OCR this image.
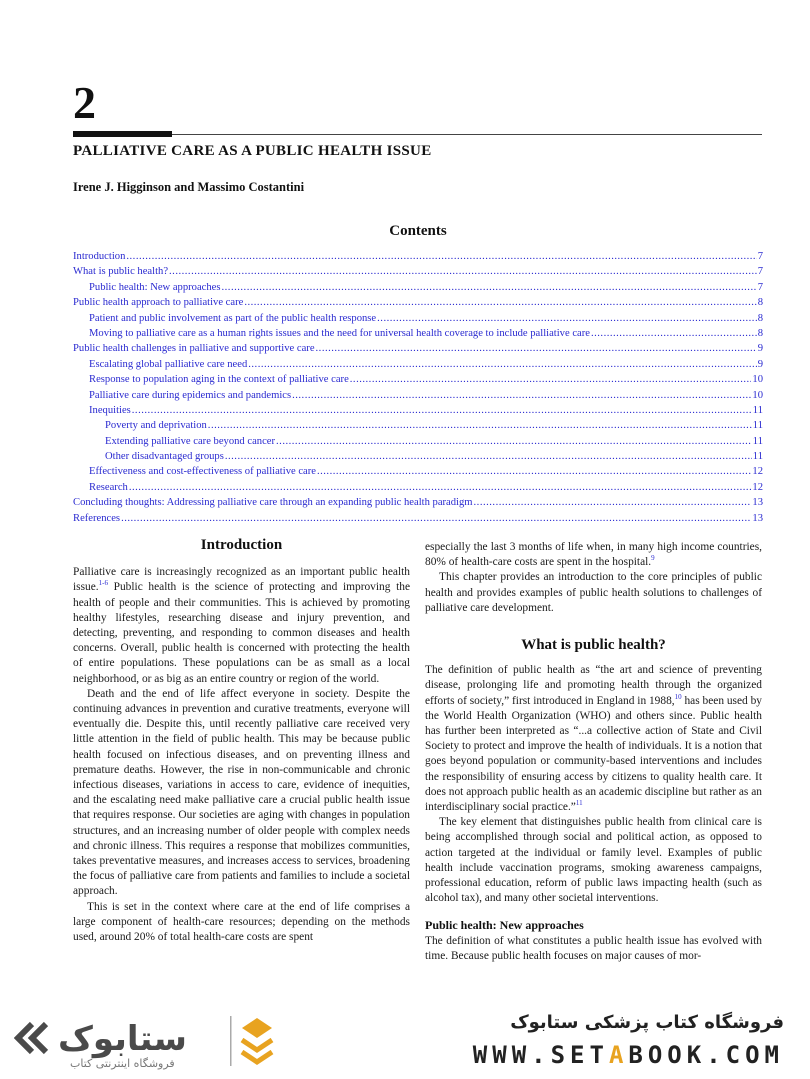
2
PALLIATIVE CARE AS A PUBLIC HEALTH ISSUE
Irene J. Higginson and Massimo Costantini
Contents
Introduction .....	7
What is public health? .....	7
Public health: New approaches .....	7
Public health approach to palliative care .....	8
Patient and public involvement as part of the public health response .....	8
Moving to palliative care as a human rights issues and the need for universal health coverage to include palliative care .....	8
Public health challenges in palliative and supportive care .....	9
Escalating global palliative care need .....	9
Response to population aging in the context of palliative care .....	10
Palliative care during epidemics and pandemics .....	10
Inequities .....	11
Poverty and deprivation .....	11
Extending palliative care beyond cancer .....	11
Other disadvantaged groups .....	11
Effectiveness and cost-effectiveness of palliative care .....	12
Research .....	12
Concluding thoughts: Addressing palliative care through an expanding public health paradigm .....	13
References .....	13
Introduction

Palliative care is increasingly recognized as an important public health issue.$^{1-6}$ Public health is the science of protecting and improving the health of people and their communities. This is achieved by promoting healthy lifestyles, researching disease and injury prevention, and detecting, preventing, and responding to common diseases and health concerns. Overall, public health is concerned with protecting the health of entire populations. These populations can be as small as a local neighborhood, or as big as an entire country or region of the world.

Death and the end of life affect everyone in society. Despite the continuing advances in prevention and curative treatments, everyone will eventually die. Despite this, until recently palliative care received very little attention in the field of public health. This may be because public health focused on infectious diseases, and on preventing illness and premature deaths. However, the rise in non-communicable and chronic infectious diseases, variations in access to care, evidence of inequities, and the escalating need make palliative care a crucial public health issue that requires response. Our societies are aging with changes in population structures, and an increasing number of older people with complex needs and chronic illness. This requires a response that mobilizes communities, takes preventative measures, and increases access to services, broadening the focus of palliative care from patients and families to include a societal approach.

This is set in the context where care at the end of life comprises a large component of health-care resources; depending on the methods used, around 20% of total health-care costs are spent

especially the last 3 months of life when, in many high income countries, 80% of health-care costs are spent in the hospital.$^9$

This chapter provides an introduction to the core principles of public health and provides examples of public health solutions to challenges of palliative care development.

What is public health?

The definition of public health as “the art and science of preventing disease, prolonging life and promoting health through the organized efforts of society,” first introduced in England in 1988,10 has been used by the World Health Organization (WHO) and others since. Public health has further been interpreted as “...a collective action of State and Civil Society to protect and improve the health of individuals. It is a notion that goes beyond population or community-based interventions and includes the responsibility of ensuring access by citizens to quality health care. It does not approach public health as an academic discipline but rather as an interdisciplinary social practice.”$^{11}$

The key element that distinguishes public health from clinical care is being accomplished through social and political action, as opposed to action targeted at the individual or family level. Examples of public health include vaccination programs, smoking awareness campaigns, professional education, reform of public laws impacting health (such as alcohol tax), and many other societal interventions.

Public health: New approaches

The definition of what constitutes a public health issue has evolved with time. Because public health focuses on major causes of mor-

ستابوک
فروشگاه اینترنتی کتاب
فروشگاه کتاب پزشکی ستابوک
WWW.SETABOOK.COM
